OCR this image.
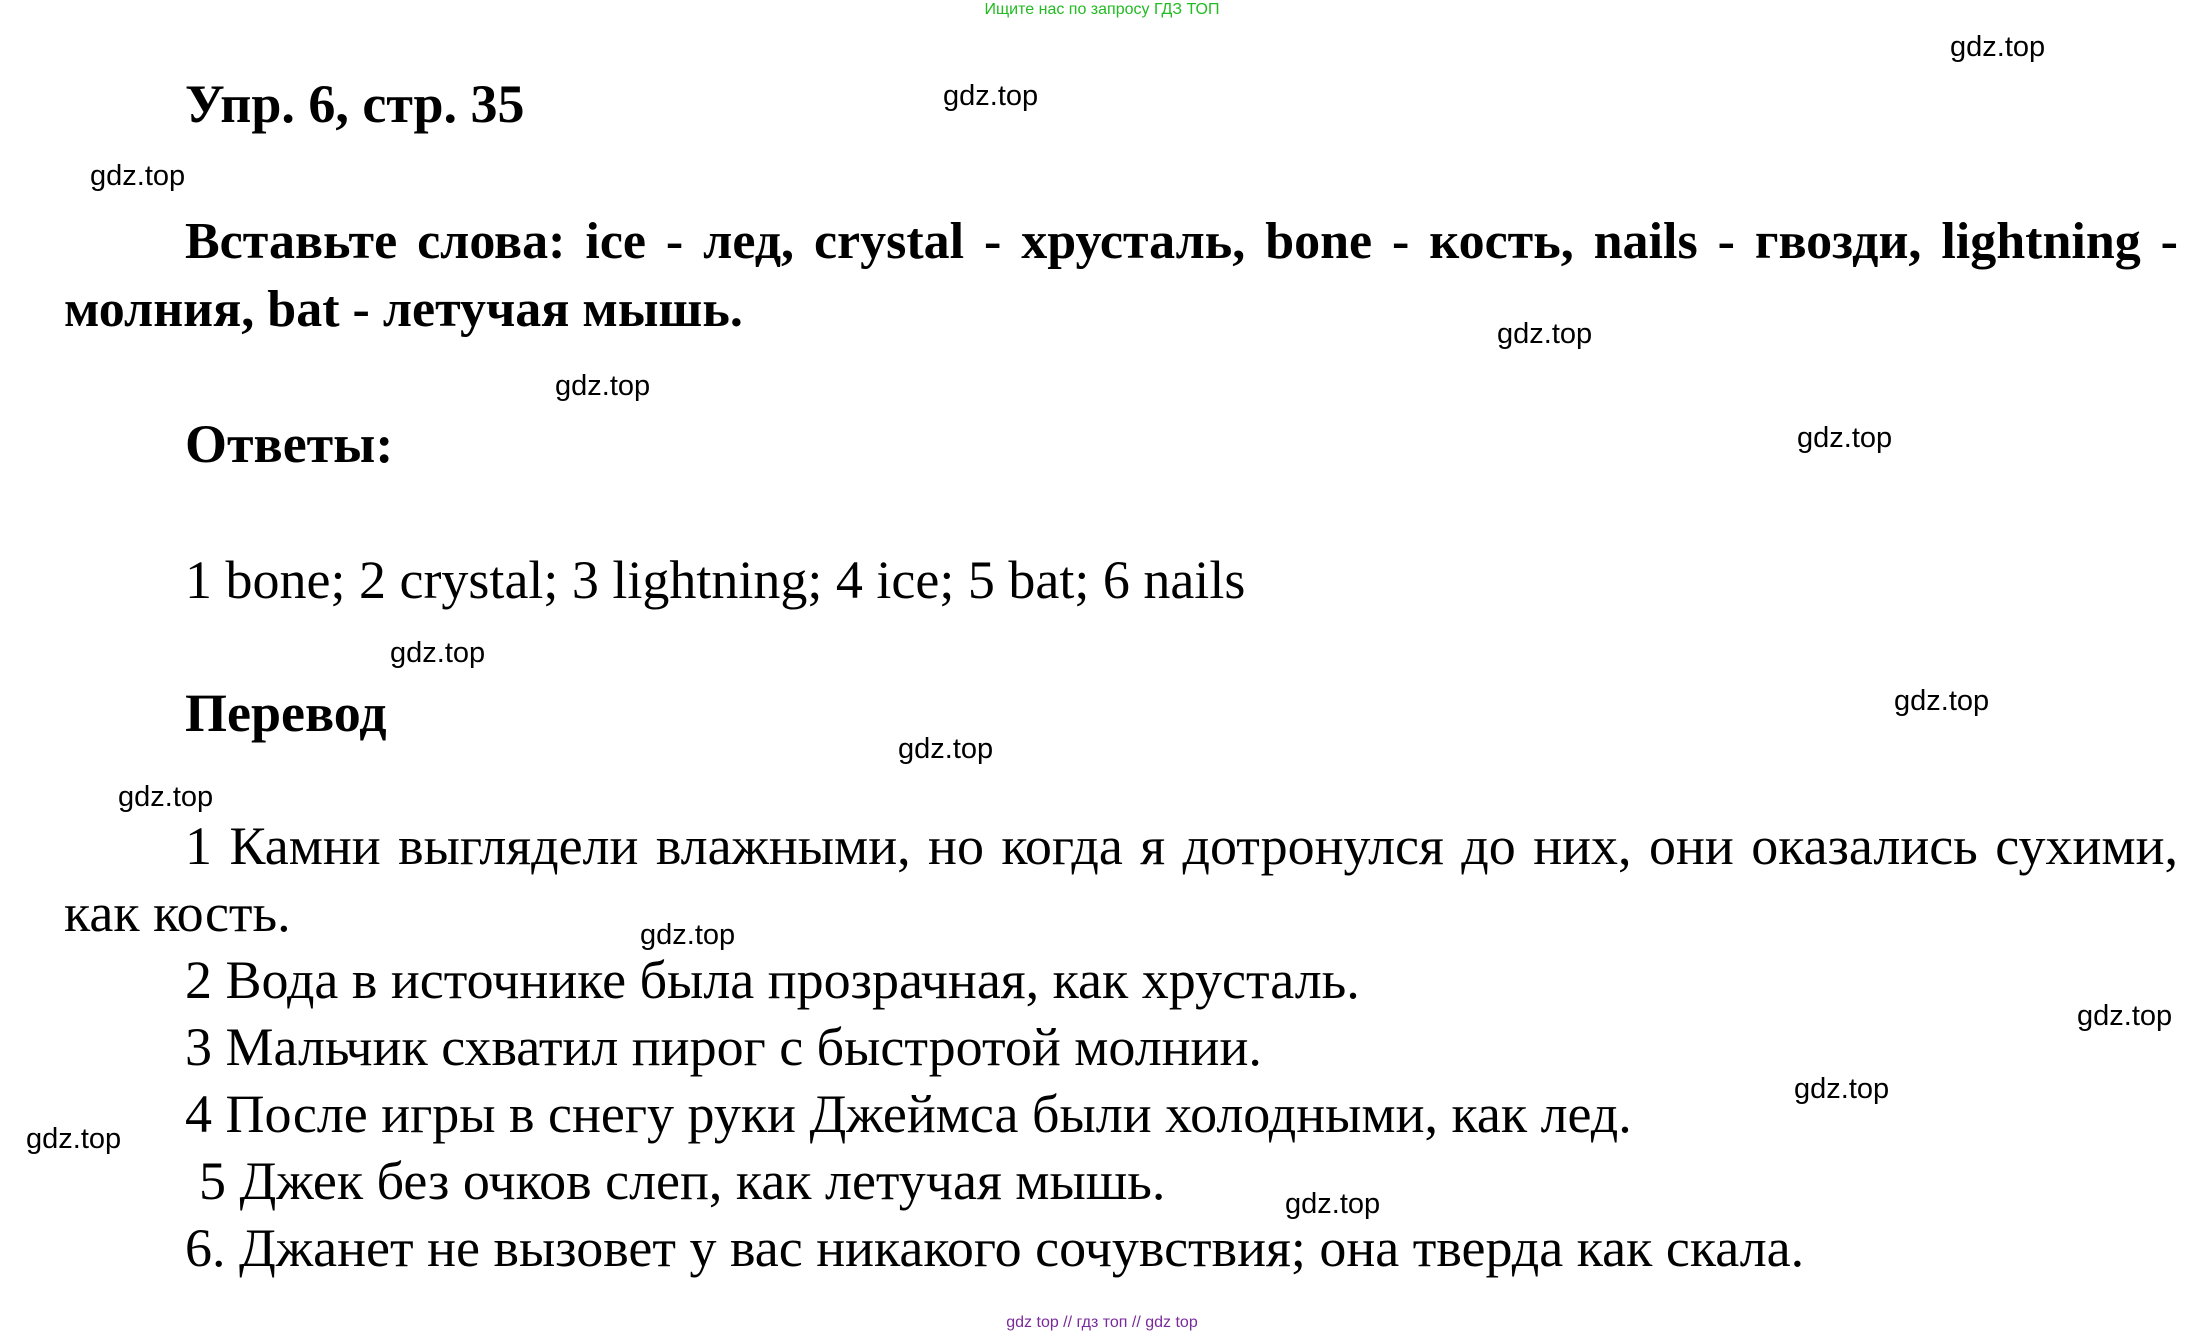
Ищите нас по запросу ГДЗ ТОП
Упр. 6, стр. 35
Вставьте слова: ice - лед, crystal - хрусталь, bone - кость, nails - гвозди, lightning - молния, bat - летучая мышь.
Ответы:
1 bone; 2 crystal; 3 lightning; 4 ice; 5 bat; 6 nails
Перевод
1 Камни выглядели влажными, но когда я дотронулся до них, они оказались сухими, как кость.
2 Вода в источнике была прозрачная, как хрусталь.
3 Мальчик схватил пирог с быстротой молнии.
4 После игры в снегу руки Джеймса были холодными, как лед.
5 Джек без очков слеп, как летучая мышь.
6. Джанет не вызовет у вас никакого сочувствия; она тверда как скала.
gdz.top
gdz.top
gdz.top
gdz.top
gdz.top
gdz.top
gdz.top
gdz.top
gdz.top
gdz.top
gdz.top
gdz.top
gdz.top
gdz.top
gdz.top
gdz top // гдз топ // gdz top
